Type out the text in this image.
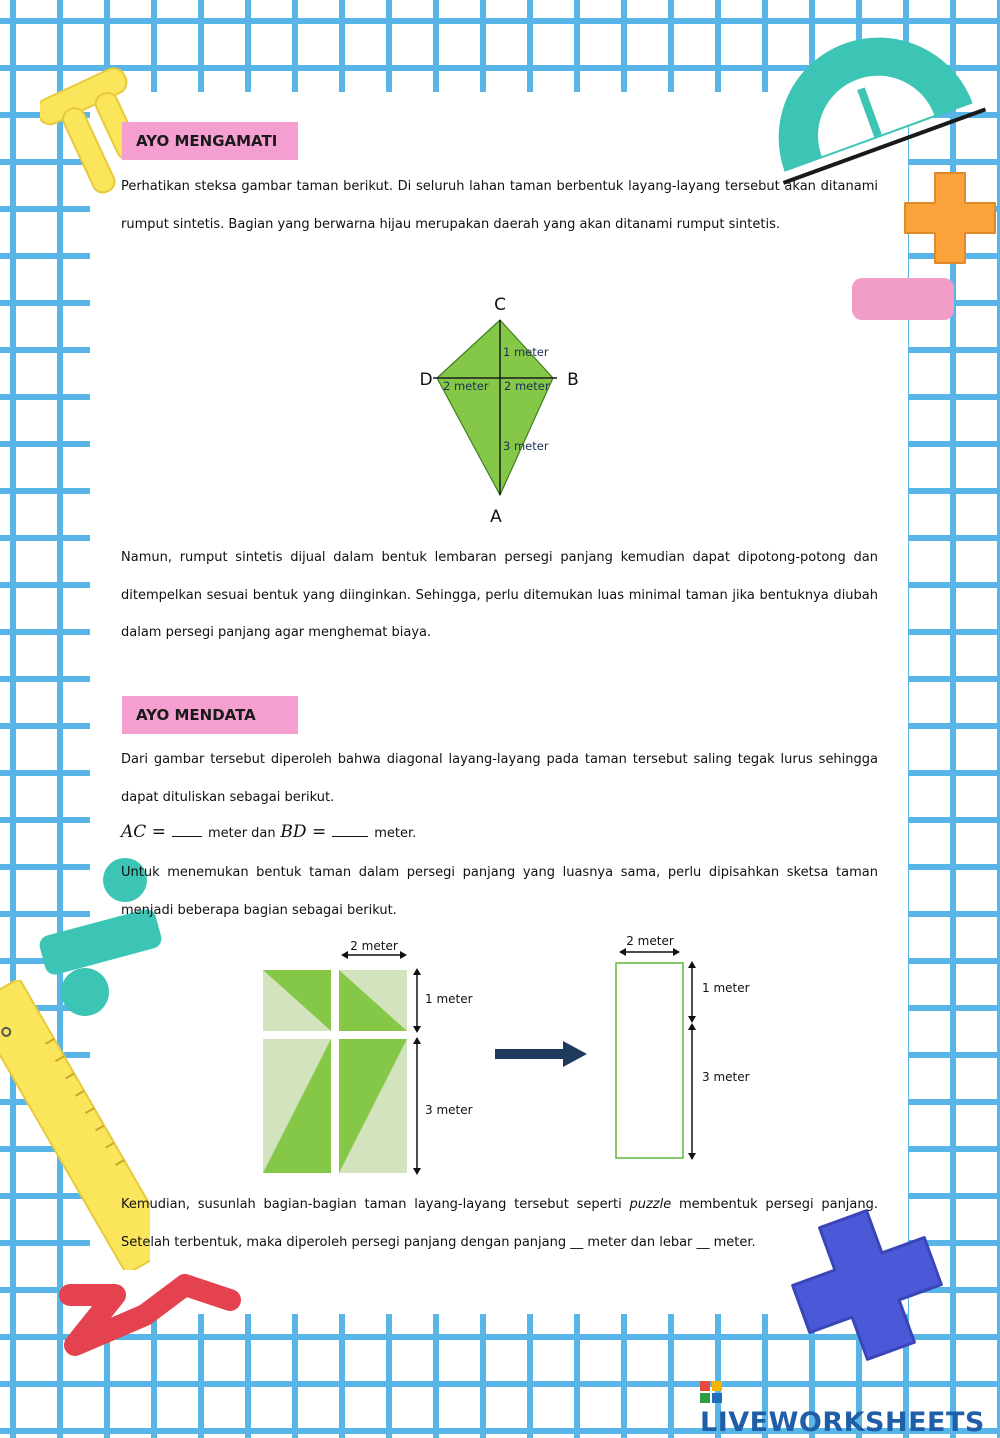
AYO MENGAMATI

Perhatikan steksa gambar taman berikut. Di seluruh lahan taman berbentuk layang-layang tersebut akan ditanami rumput sintetis. Bagian yang berwarna hijau merupakan daerah yang akan ditanami rumput sintetis.

C
D	B
A
1 meter
2 meter 2 meter
3 meter

Namun, rumput sintetis dijual dalam bentuk lembaran persegi panjang kemudian dapat dipotong-potong dan ditempelkan sesuai bentuk yang diinginkan. Sehingga, perlu ditemukan luas minimal taman jika bentuknya diubah dalam persegi panjang agar menghemat biaya.

AYO MENDATA

Dari gambar tersebut diperoleh bahwa diagonal layang-layang pada taman tersebut saling tegak lurus sehingga dapat dituliskan sebagai berikut.

AC =	meter dan BD =	meter.

Untuk menemukan bentuk taman dalam persegi panjang yang luasnya sama, perlu dipisahkan sketsa taman menjadi beberapa bagian sebagai berikut.

2 meter
1 meter
3 meter
2 meter
1 meter
3 meter

Kemudian, susunlah bagian-bagian taman layang-layang tersebut seperti puzzle membentuk persegi panjang. Setelah terbentuk, maka diperoleh persegi panjang dengan panjang __ meter dan lebar __ meter.

LIVEWORKSHEETS
